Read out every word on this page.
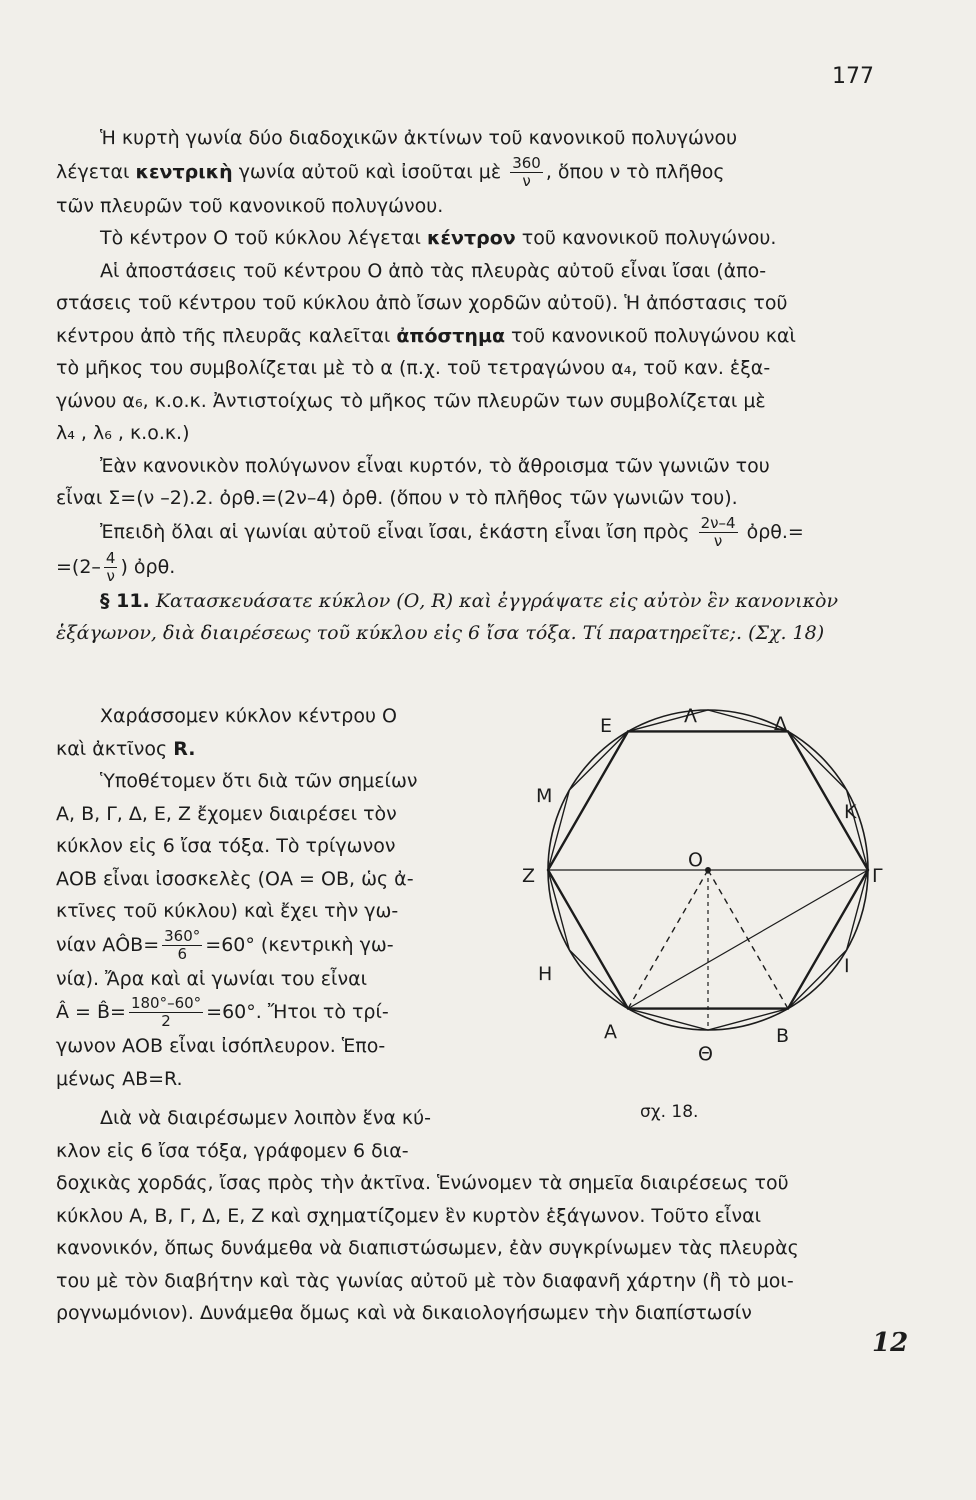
177
Ἡ κυρτὴ γωνία δύο διαδοχικῶν ἀκτίνων τοῦ κανονικοῦ πολυγώνου
λέγεται κεντρικὴ γωνία αὐτοῦ καὶ ἰσοῦται μὲ $\frac{360}{\nu}$ , ὅπου ν τὸ πλῆθος
τῶν πλευρῶν τοῦ κανονικοῦ πολυγώνου.
Τὸ κέντρον Ο τοῦ κύκλου λέγεται κέντρον τοῦ κανονικοῦ πολυγώνου.
Αἱ ἀποστάσεις τοῦ κέντρου Ο ἀπὸ τὰς πλευρὰς αὐτοῦ εἶναι ἴσαι (ἀπο-
στάσεις τοῦ κέντρου τοῦ κύκλου ἀπὸ ἴσων χορδῶν αὐτοῦ). Ἡ ἀπόστασις τοῦ
κέντρου ἀπὸ τῆς πλευρᾶς καλεῖται ἀπόστημα τοῦ κανονικοῦ πολυγώνου καὶ
τὸ μῆκος του συμβολίζεται μὲ τὸ α (π.χ. τοῦ τετραγώνου α₄, τοῦ καν. ἑξα-
γώνου α₆, κ.ο.κ. Ἀντιστοίχως τὸ μῆκος τῶν πλευρῶν των συμβολίζεται μὲ
λ₄ , λ₆ , κ.ο.κ.)
Ἐὰν κανονικὸν πολύγωνον εἶναι κυρτόν, τὸ ἄθροισμα τῶν γωνιῶν του
εἶναι Σ=(ν –2).2. ὀρθ.=(2ν–4) ὀρθ. (ὅπου ν τὸ πλῆθος τῶν γωνιῶν του).
Ἐπειδὴ ὅλαι αἱ γωνίαι αὐτοῦ εἶναι ἴσαι, ἑκάστη εἶναι ἴση πρὸς $\frac{2\nu-4}{\nu}$ ὀρθ.=
$=(2- \frac{4}{\nu}$ ) ὀρθ.
§ 11. Κατασκευάσατε κύκλον (Ο, R) καὶ ἐγγράψατε εἰς αὐτὸν ἓν κανονικὸν
ἑξάγωνον, διὰ διαιρέσεως τοῦ κύκλου εἰς 6 ἴσα τόξα. Τί παρατηρεῖτε;. (Σχ. 18)
Χαράσσομεν κύκλον κέντρου Ο
καὶ ἀκτῖνος R.
Ὑποθέτομεν ὅτι διὰ τῶν σημείων
Α, Β, Γ, Δ, Ε, Ζ ἔχομεν διαιρέσει τὸν
κύκλον εἰς 6 ἴσα τόξα. Τὸ τρίγωνον
ΑΟΒ εἶναι ἰσοσκελὲς (ΟΑ = ΟΒ, ὡς ἀ-
κτῖνες τοῦ κύκλου) καὶ ἔχει τὴν γω-
νίαν ΑÔΒ= $\frac{360^\circ}{6} =60^\circ$ (κεντρικὴ γω-
νία). Ἄρα καὶ αἱ γωνίαι του εἶναι
Â = B̂= $\frac{180^\circ-60^\circ}{2} =60^\circ$. Ἤτοι τὸ τρί-
γωνον ΑΟΒ εἶναι ἰσόπλευρον. Ἑπο-
μένως ΑΒ=R.
Διὰ νὰ διαιρέσωμεν λοιπὸν ἕνα κύ-
κλον εἰς 6 ἴσα τόξα, γράφομεν 6 δια-
δοχικὰς χορδάς, ἴσας πρὸς τὴν ἀκτῖνα. Ἑνώνομεν τὰ σημεῖα διαιρέσεως τοῦ
κύκλου Α, Β, Γ, Δ, Ε, Ζ καὶ σχηματίζομεν ἓν κυρτὸν ἑξάγωνον. Τοῦτο εἶναι
κανονικόν, ὅπως δυνάμεθα νὰ διαπιστώσωμεν, ἐὰν συγκρίνωμεν τὰς πλευρὰς
του μὲ τὸν διαβήτην καὶ τὰς γωνίας αὐτοῦ μὲ τὸν διαφανῆ χάρτην (ἢ τὸ μοι-
ρογνωμόνιον). Δυνάμεθα ὅμως καὶ νὰ δικαιολογήσωμεν τὴν διαπίστωσίν
Α	Β
Γ
Δ
Ε
Ζ
Η
Θ
Ι
Κ
Λ
Μ
Ο
σχ. 18.
12
